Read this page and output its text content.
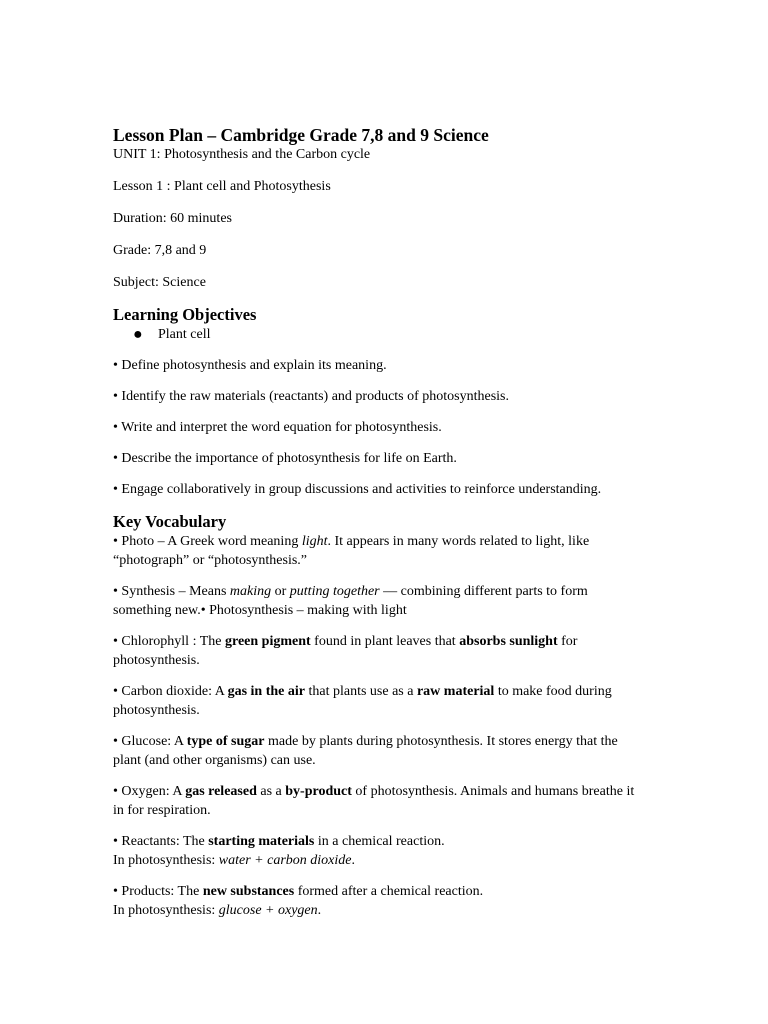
Lesson Plan – Cambridge Grade 7,8 and 9 Science

UNIT 1: Photosynthesis and the Carbon cycle

Lesson 1 : Plant cell and Photosythesis

Duration: 60 minutes

Grade: 7,8 and 9

Subject: Science

Learning Objectives
● Plant cell

• Define photosynthesis and explain its meaning.

• Identify the raw materials (reactants) and products of photosynthesis.

• Write and interpret the word equation for photosynthesis.

• Describe the importance of photosynthesis for life on Earth.

• Engage collaboratively in group discussions and activities to reinforce understanding.

Key Vocabulary

• Photo – A Greek word meaning light. It appears in many words related to light, like “photograph” or “photosynthesis.”

• Synthesis – Means making or putting together — combining different parts to form something new.• Photosynthesis – making with light

• Chlorophyll : The green pigment found in plant leaves that absorbs sunlight for photosynthesis.

• Carbon dioxide: A gas in the air that plants use as a raw material to make food during photosynthesis.

• Glucose: A type of sugar made by plants during photosynthesis. It stores energy that the plant (and other organisms) can use.

• Oxygen: A gas released as a by-product of photosynthesis. Animals and humans breathe it in for respiration.

• Reactants: The starting materials in a chemical reaction.

In photosynthesis: water + carbon dioxide.

• Products: The new substances formed after a chemical reaction.

In photosynthesis: glucose + oxygen.
